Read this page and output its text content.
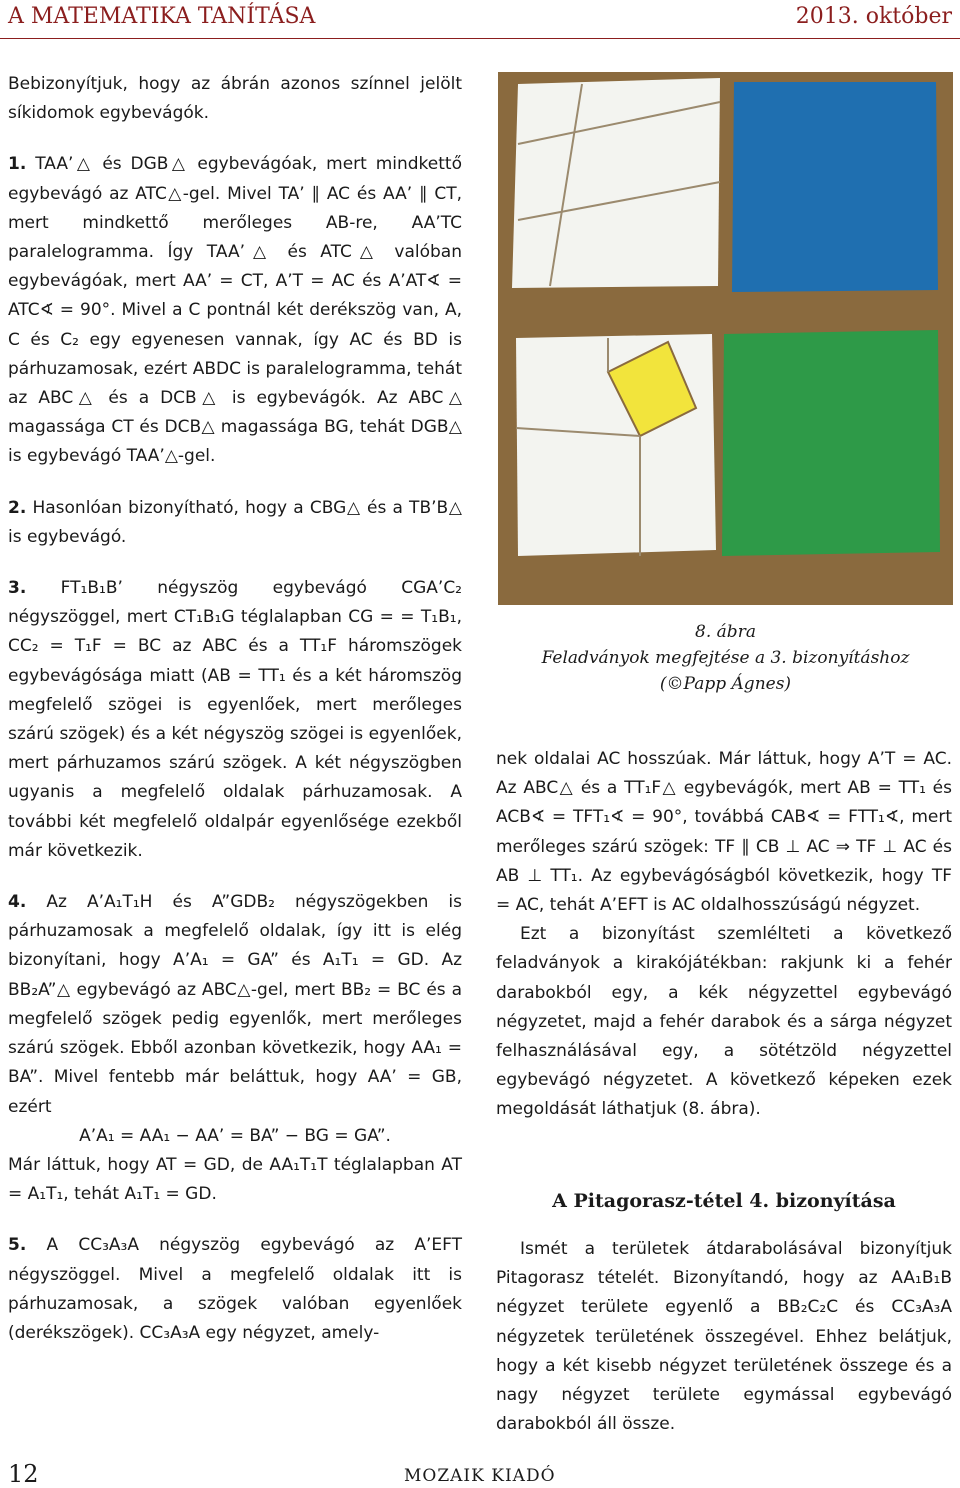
A MATEMATIKA TANÍTÁSA	2013. október

Bebizonyítjuk, hogy az ábrán azonos színnel jelölt síkidomok egybevágók.

1. TAA’△ és DGB△ egybevágóak, mert mindkettő egybevágó az ATC△-gel. Mivel TA’ ∥ AC és AA’ ∥ CT, mert mindkettő merőleges AB-re, AA’TC paralelogramma. Így TAA’△ és ATC△ valóban egybevágóak, mert AA’ = CT, A’T = AC és A’AT∢ = ATC∢ = 90°. Mivel a C pontnál két derékszög van, A, C és C₂ egy egyenesen vannak, így AC és BD is párhuzamosak, ezért ABDC is paralelogramma, tehát az ABC△ és a DCB△ is egybevágók. Az ABC△ magassága CT és DCB△ magassága BG, tehát DGB△ is egybevágó TAA’△-gel.

2. Hasonlóan bizonyítható, hogy a CBG△ és a TB’B△ is egybevágó.

3. FT₁B₁B’ négyszög egybevágó CGA’C₂ négyszöggel, mert CT₁B₁G téglalapban CG = = T₁B₁, CC₂ = T₁F = BC az ABC és a TT₁F háromszögek egybevágósága miatt (AB = TT₁ és a két háromszög megfelelő szögei is egyenlőek, mert merőleges szárú szögek) és a két négyszög szögei is egyenlőek, mert párhuzamos szárú szögek. A két négyszögben ugyanis a megfelelő oldalak párhuzamosak. A további két megfelelő oldalpár egyenlősége ezekből már következik.

4. Az A’A₁T₁H és A”GDB₂ négyszögekben is párhuzamosak a megfelelő oldalak, így itt is elég bizonyítani, hogy A’A₁ = GA” és A₁T₁ = GD. Az BB₂A”△ egybevágó az ABC△-gel, mert BB₂ = BC és a megfelelő szögek pedig egyenlők, mert merőleges szárú szögek. Ebből azonban következik, hogy AA₁ = BA”. Mivel fentebb már beláttuk, hogy AA’ = GB, ezért

A’A₁ = AA₁ − AA’ = BA” − BG = GA”.

Már láttuk, hogy AT = GD, de AA₁T₁T téglalapban AT = A₁T₁, tehát A₁T₁ = GD.

5. A CC₃A₃A négyszög egybevágó az A’EFT négyszöggel. Mivel a megfelelő oldalak itt is párhuzamosak, a szögek valóban egyenlőek (derékszögek). CC₃A₃A egy négyzet, amely-

8. ábra
Feladványok megfejtése a 3. bizonyításhoz
(©Papp Ágnes)

nek oldalai AC hosszúak. Már láttuk, hogy A’T = AC. Az ABC△ és a TT₁F△ egybevágók, mert AB = TT₁ és ACB∢ = TFT₁∢ = 90°, továbbá CAB∢ = FTT₁∢, mert merőleges szárú szögek: TF ∥ CB ⊥ AC ⇒ TF ⊥ AC és AB ⊥ TT₁. Az egybevágóságból következik, hogy TF = AC, tehát A’EFT is AC oldalhosszúságú négyzet.

Ezt a bizonyítást szemlélteti a következő feladványok a kirakójátékban: rakjunk ki a fehér darabokból egy, a kék négyzettel egybevágó négyzetet, majd a fehér darabok és a sárga négyzet felhasználásával egy, a sötétzöld négyzettel egybevágó négyzetet. A következő képeken ezek megoldását láthatjuk (8. ábra).

A Pitagorasz-tétel 4. bizonyítása

Ismét a területek átdarabolásával bizonyítjuk Pitagorasz tételét. Bizonyítandó, hogy az AA₁B₁B négyzet területe egyenlő a BB₂C₂C és CC₃A₃A négyzetek területének összegével. Ehhez belátjuk, hogy a két kisebb négyzet területének összege és a nagy négyzet területe egymással egybevágó darabokból áll össze.

12	MOZAIK KIADÓ
